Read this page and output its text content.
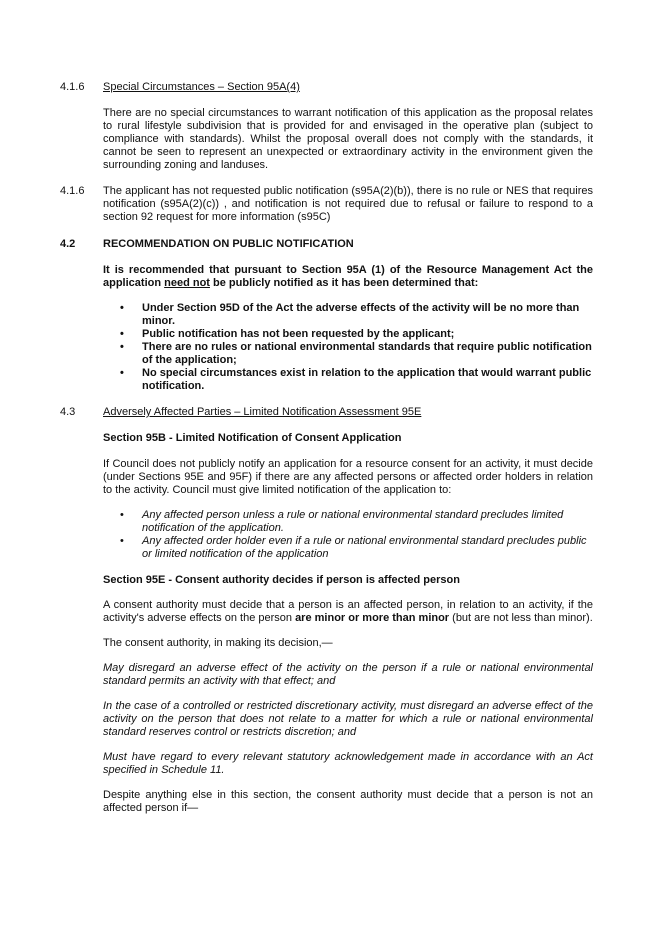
4.1.6 Special Circumstances – Section 95A(4)
There are no special circumstances to warrant notification of this application as the proposal relates to rural lifestyle subdivision that is provided for and envisaged in the operative plan (subject to compliance with standards). Whilst the proposal overall does not comply with the standards, it cannot be seen to represent an unexpected or extraordinary activity in the environment given the surrounding zoning and landuses.
4.1.6 The applicant has not requested public notification (s95A(2)(b)), there is no rule or NES that requires notification (s95A(2)(c)) , and notification is not required due to refusal or failure to respond to a section 92 request for more information (s95C)
4.2	RECOMMENDATION ON PUBLIC NOTIFICATION
It is recommended that pursuant to Section 95A (1) of the Resource Management Act the application need not be publicly notified as it has been determined that:
• Under Section 95D of the Act the adverse effects of the activity will be no more than minor.
• Public notification has not been requested by the applicant;
• There are no rules or national environmental standards that require public notification of the application;
• No special circumstances exist in relation to the application that would warrant public notification.
4.3	Adversely Affected Parties – Limited Notification Assessment 95E
Section 95B - Limited Notification of Consent Application
If Council does not publicly notify an application for a resource consent for an activity, it must decide (under Sections 95E and 95F) if there are any affected persons or affected order holders in relation to the activity. Council must give limited notification of the application to:
• Any affected person unless a rule or national environmental standard precludes limited notification of the application.
• Any affected order holder even if a rule or national environmental standard precludes public or limited notification of the application
Section 95E - Consent authority decides if person is affected person
A consent authority must decide that a person is an affected person, in relation to an activity, if the activity's adverse effects on the person are minor or more than minor (but are not less than minor).
The consent authority, in making its decision,—
May disregard an adverse effect of the activity on the person if a rule or national environmental standard permits an activity with that effect; and
In the case of a controlled or restricted discretionary activity, must disregard an adverse effect of the activity on the person that does not relate to a matter for which a rule or national environmental standard reserves control or restricts discretion; and
Must have regard to every relevant statutory acknowledgement made in accordance with an Act specified in Schedule 11.
Despite anything else in this section, the consent authority must decide that a person is not an affected person if—
